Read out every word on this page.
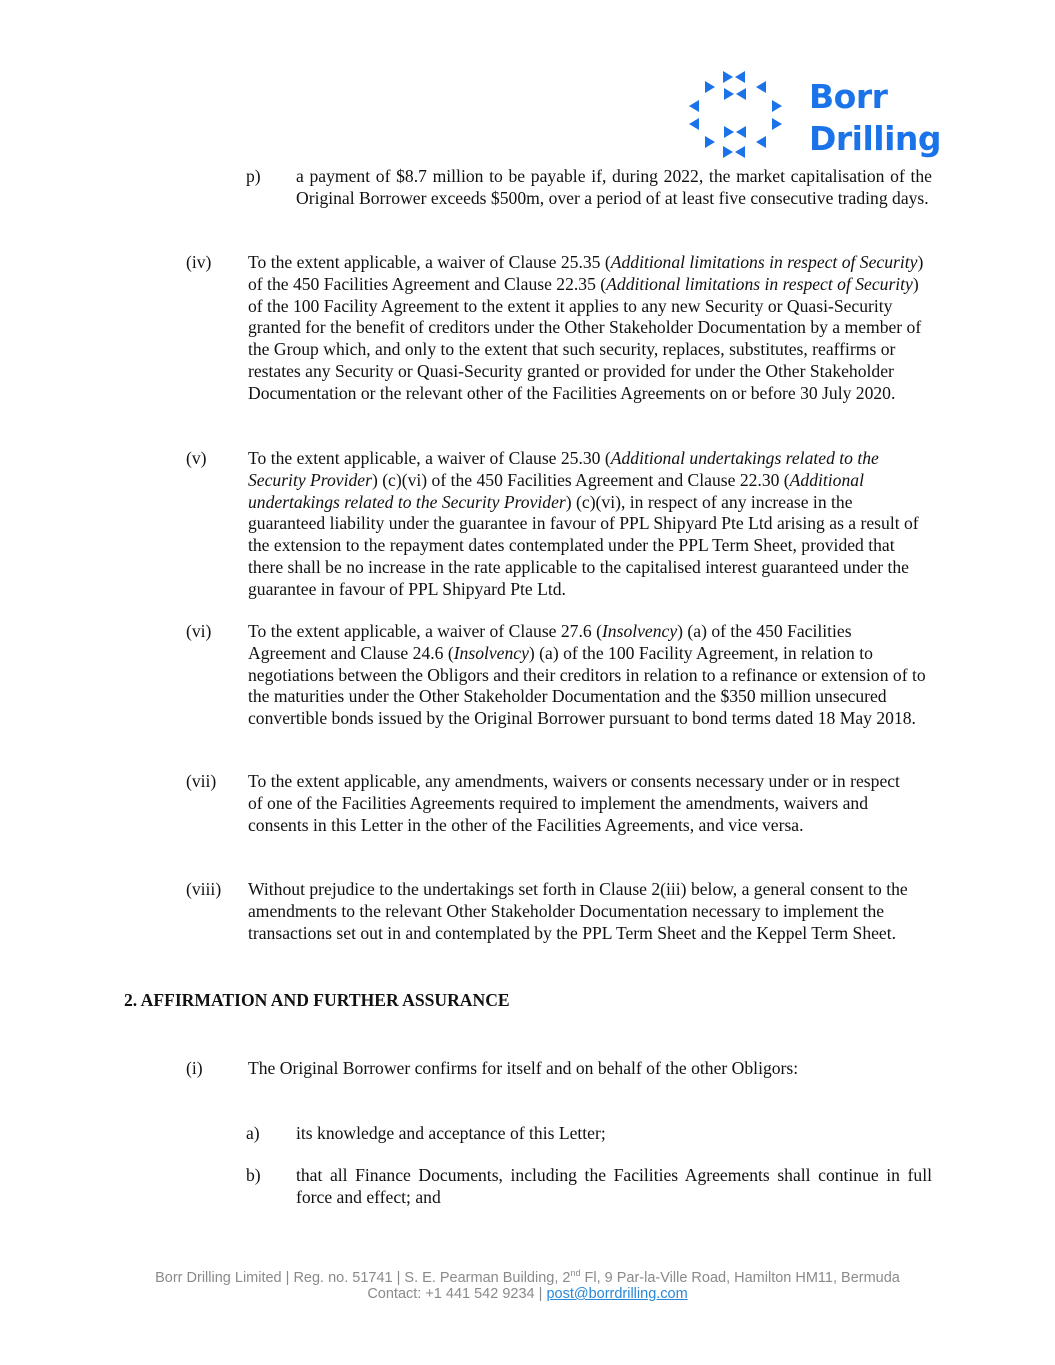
Borr
Drilling
p) a payment of $8.7 million to be payable if, during 2022, the market capitalisation of the Original Borrower exceeds $500m, over a period of at least five consecutive trading days.
(iv) To the extent applicable, a waiver of Clause 25.35 (Additional limitations in respect of Security) of the 450 Facilities Agreement and Clause 22.35 (Additional limitations in respect of Security) of the 100 Facility Agreement to the extent it applies to any new Security or Quasi-Security granted for the benefit of creditors under the Other Stakeholder Documentation by a member of the Group which, and only to the extent that such security, replaces, substitutes, reaffirms or restates any Security or Quasi-Security granted or provided for under the Other Stakeholder Documentation or the relevant other of the Facilities Agreements on or before 30 July 2020.
(v) To the extent applicable, a waiver of Clause 25.30 (Additional undertakings related to the Security Provider) (c)(vi) of the 450 Facilities Agreement and Clause 22.30 (Additional undertakings related to the Security Provider) (c)(vi), in respect of any increase in the guaranteed liability under the guarantee in favour of PPL Shipyard Pte Ltd arising as a result of the extension to the repayment dates contemplated under the PPL Term Sheet, provided that there shall be no increase in the rate applicable to the capitalised interest guaranteed under the guarantee in favour of PPL Shipyard Pte Ltd.
(vi) To the extent applicable, a waiver of Clause 27.6 (Insolvency) (a) of the 450 Facilities Agreement and Clause 24.6 (Insolvency) (a) of the 100 Facility Agreement, in relation to negotiations between the Obligors and their creditors in relation to a refinance or extension of to the maturities under the Other Stakeholder Documentation and the $350 million unsecured convertible bonds issued by the Original Borrower pursuant to bond terms dated 18 May 2018.
(vii) To the extent applicable, any amendments, waivers or consents necessary under or in respect of one of the Facilities Agreements required to implement the amendments, waivers and consents in this Letter in the other of the Facilities Agreements, and vice versa.
(viii) Without prejudice to the undertakings set forth in Clause 2(iii) below, a general consent to the amendments to the relevant Other Stakeholder Documentation necessary to implement the transactions set out in and contemplated by the PPL Term Sheet and the Keppel Term Sheet.
2. AFFIRMATION AND FURTHER ASSURANCE
(i)	The Original Borrower confirms for itself and on behalf of the other Obligors:
a) its knowledge and acceptance of this Letter;
b) that all Finance Documents, including the Facilities Agreements shall continue in full force and effect; and
Borr Drilling Limited | Reg. no. 51741 | S. E. Pearman Building, 2nd Fl, 9 Par-la-Ville Road, Hamilton HM11, Bermuda
Contact: +1 441 542 9234 | post@borrdrilling.com
